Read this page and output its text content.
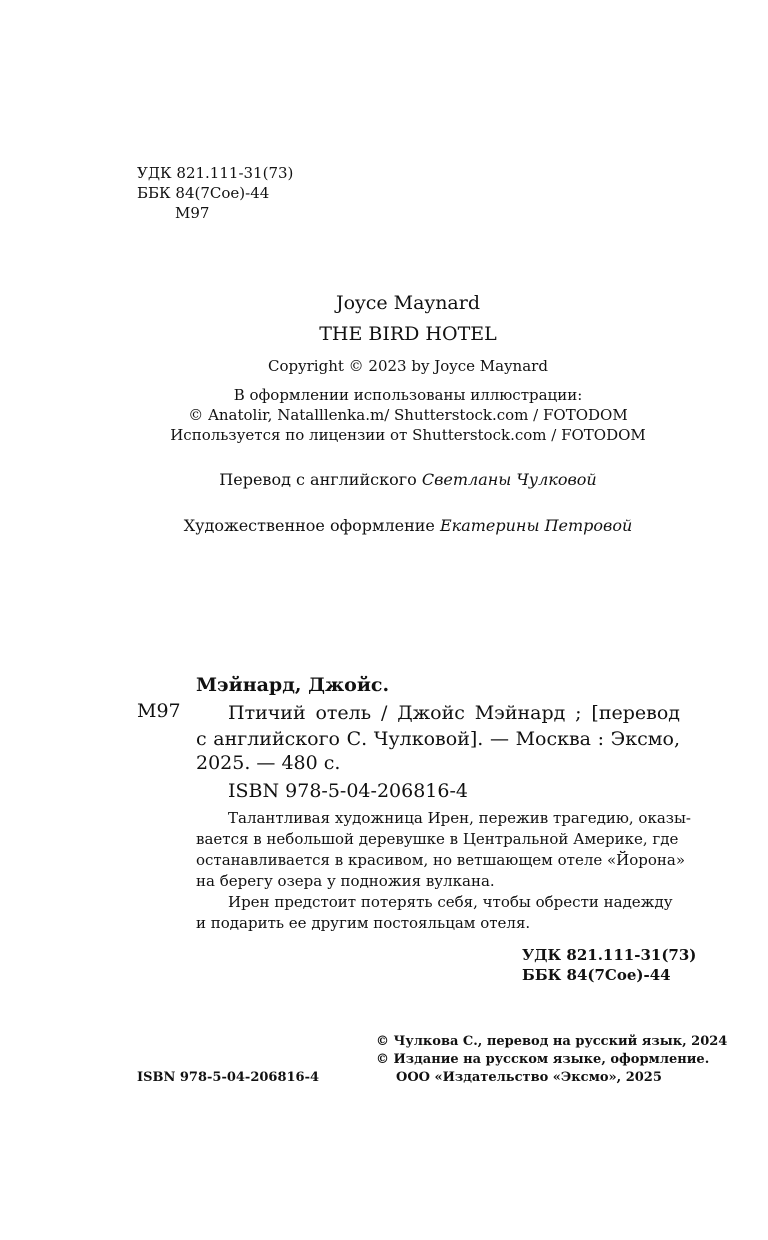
УДК 821.111-31(73)
ББК 84(7Сое)-44
М97
Joyce Maynard
THE BIRD HOTEL
Copyright © 2023 by Joyce Maynard
В оформлении использованы иллюстрации:
© Anatolir, Natalllenka.m/ Shutterstock.com / FOTODOM
Используется по лицензии от Shutterstock.com / FOTODOM
Перевод с английского Светланы Чулковой
Художественное оформление Екатерины Петровой
Мэйнард, Джойс.
М97 Птичий отель / Джойс Мэйнард ; [перевод
с английского С. Чулковой]. — Москва : Эксмо,
2025. — 480 с.
ISBN 978-5-04-206816-4
Талантливая художница Ирен, пережив трагедию, оказы-
вается в небольшой деревушке в Центральной Америке, где
останавливается в красивом, но ветшающем отеле «Йорона»
на берегу озера у подножия вулкана.
Ирен предстоит потерять себя, чтобы обрести надежду
и подарить ее другим постояльцам отеля.
УДК 821.111-31(73)
ББК 84(7Сое)-44
ISBN 978-5-04-206816-4
© Чулкова С., перевод на русский язык, 2024
© Издание на русском языке, оформление.
ООО «Издательство «Эксмо», 2025
